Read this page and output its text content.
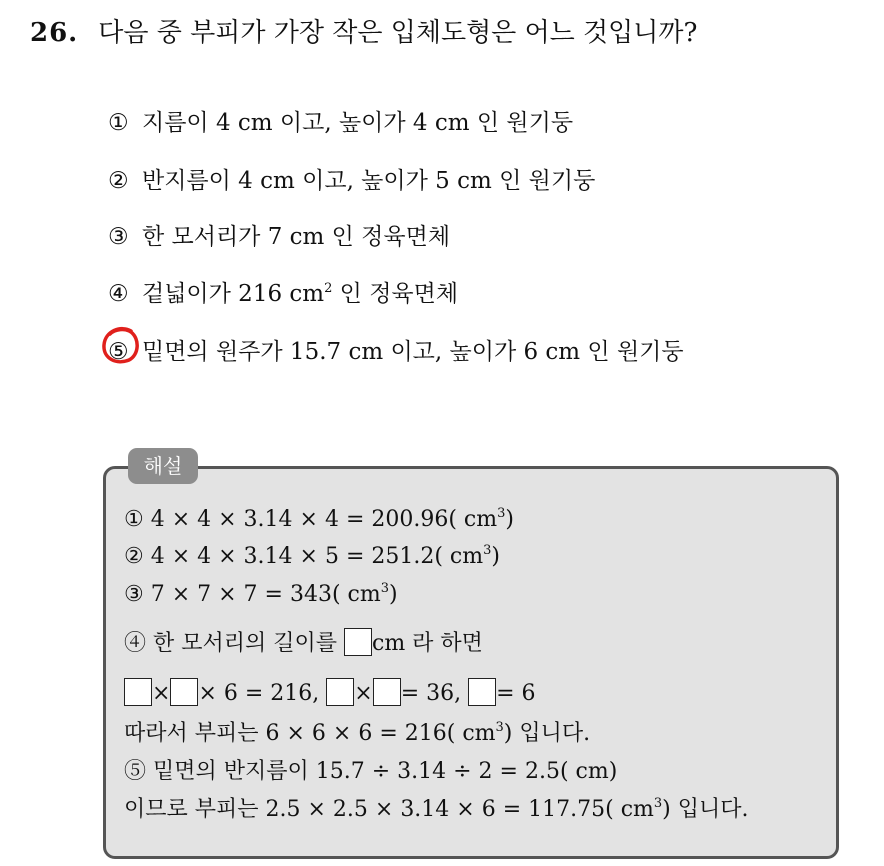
26. 다음 중 부피가 가장 작은 입체도형은 어느 것입니까?
① 지름이 4 cm 이고, 높이가 4 cm 인 원기둥
② 반지름이 4 cm 이고, 높이가 5 cm 인 원기둥
③ 한 모서리가 7 cm 인 정육면체
④ 겉넓이가 216 $cm^2$ 인 정육면체
⑤ 밑면의 원주가 15.7 cm 이고, 높이가 6 cm 인 원기둥
해설
① 4 × 4 × 3.14 × 4 = 200.96( $cm^3$)
② 4 × 4 × 3.14 × 5 = 251.2( $cm^3$)
③ 7 × 7 × 7 = 343( $cm^3$)
④ 한 모서리의 길이를 cm 라 하면
× × 6 = 216, × = 36, = 6
따라서 부피는 6 × 6 × 6 = 216( $cm^3$) 입니다.
⑤ 밑면의 반지름이 15.7 ÷ 3.14 ÷ 2 = 2.5( cm)
이므로 부피는 2.5 × 2.5 × 3.14 × 6 = 117.75( $cm^3$) 입니다.
